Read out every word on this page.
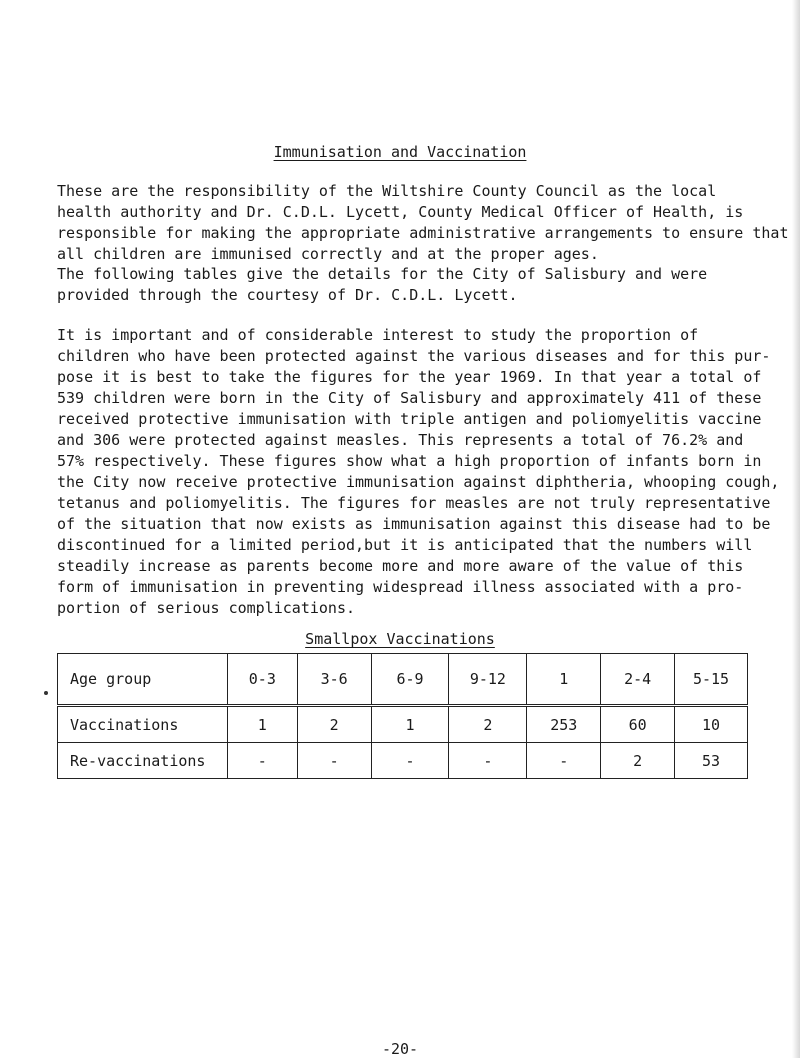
Immunisation and Vaccination

These are the responsibility of the Wiltshire County Council as the local
health authority and Dr. C.D.L. Lycett, County Medical Officer of Health, is
responsible for making the appropriate administrative arrangements to ensure that
all children are immunised correctly and at the proper ages.

The following tables give the details for the City of Salisbury and were
provided through the courtesy of Dr. C.D.L. Lycett.

It is important and of considerable interest to study the proportion of
children who have been protected against the various diseases and for this pur-
pose it is best to take the figures for the year 1969. In that year a total of
539 children were born in the City of Salisbury and approximately 411 of these
received protective immunisation with triple antigen and poliomyelitis vaccine
and 306 were protected against measles. This represents a total of 76.2% and
57% respectively. These figures show what a high proportion of infants born in
the City now receive protective immunisation against diphtheria, whooping cough,
tetanus and poliomyelitis. The figures for measles are not truly representative
of the situation that now exists as immunisation against this disease had to be
discontinued for a limited period,but it is anticipated that the numbers will
steadily increase as parents become more and more aware of the value of this
form of immunisation in preventing widespread illness associated with a pro-
portion of serious complications.

Smallpox Vaccinations
Age group	0-3	3-6	6-9	9-12	1	2-4	5-15
Vaccinations	1	2	1	2	253	60	10
Re-vaccinations	-	-	-	-	-	2	53
-20-
